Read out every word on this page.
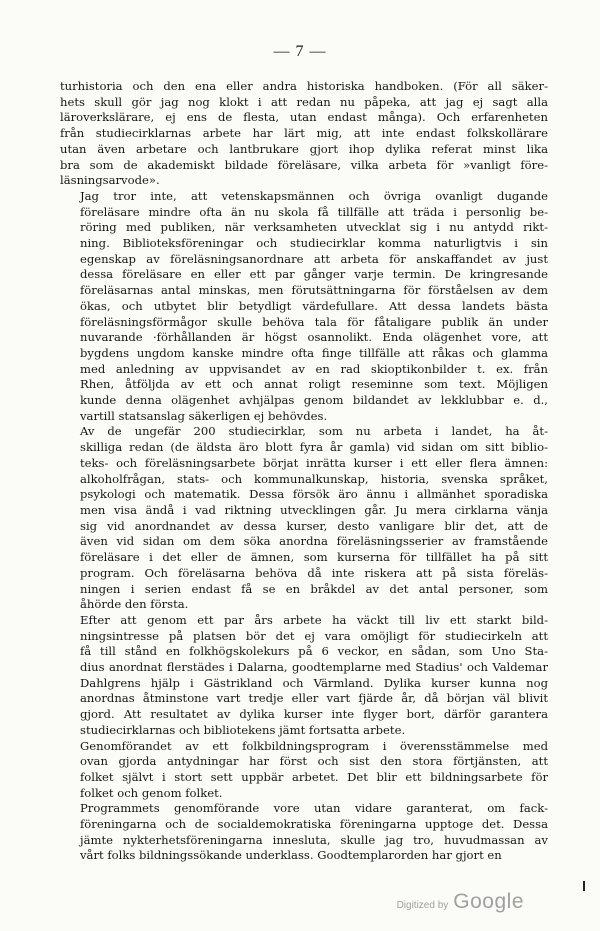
— 7 —

turhistoria och den ena eller andra historiska handboken. (För all säker-
hets skull gör jag nog klokt i att redan nu påpeka, att jag ej sagt alla
läroverkslärare, ej ens de flesta, utan endast många). Och erfarenheten
från studiecirklarnas arbete har lärt mig, att inte endast folkskollärare
utan även arbetare och lantbrukare gjort ihop dylika referat minst lika
bra som de akademiskt bildade föreläsare, vilka arbeta för »vanligt före-
läsningsarvode».

Jag tror inte, att vetenskapsmännen och övriga ovanligt dugande
föreläsare mindre ofta än nu skola få tillfälle att träda i personlig be-
röring med publiken, när verksamheten utvecklat sig i nu antydd rikt-
ning. Biblioteksföreningar och studiecirklar komma naturligtvis i sin
egenskap av föreläsningsanordnare att arbeta för anskaffandet av just
dessa föreläsare en eller ett par gånger varje termin. De kringresande
föreläsarnas antal minskas, men förutsättningarna för förståelsen av dem
ökas, och utbytet blir betydligt värdefullare. Att dessa landets bästa
föreläsningsförmågor skulle behöva tala för fåtaligare publik än under
nuvarande ·förhållanden är högst osannolikt. Enda olägenhet vore, att
bygdens ungdom kanske mindre ofta finge tillfälle att råkas och glamma
med anledning av uppvisandet av en rad skioptikonbilder t. ex. från
Rhen, åtföljda av ett och annat roligt reseminne som text. Möjligen
kunde denna olägenhet avhjälpas genom bildandet av lekklubbar e. d.,
vartill statsanslag säkerligen ej behövdes.

Av de ungefär 200 studiecirklar, som nu arbeta i landet, ha åt-
skilliga redan (de äldsta äro blott fyra år gamla) vid sidan om sitt biblio-
teks- och föreläsningsarbete börjat inrätta kurser i ett eller flera ämnen:
alkoholfrågan, stats- och kommunalkunskap, historia, svenska språket,
psykologi och matematik. Dessa försök äro ännu i allmänhet sporadiska
men visa ändå i vad riktning utvecklingen går. Ju mera cirklarna vänja
sig vid anordnandet av dessa kurser, desto vanligare blir det, att de
även vid sidan om dem söka anordna föreläsningsserier av framstående
föreläsare i det eller de ämnen, som kurserna för tillfället ha på sitt
program. Och föreläsarna behöva då inte riskera att på sista föreläs-
ningen i serien endast få se en bråkdel av det antal personer, som
åhörde den första.

Efter att genom ett par års arbete ha väckt till liv ett starkt bild-
ningsintresse på platsen bör det ej vara omöjligt för studiecirkeln att
få till stånd en folkhögskolekurs på 6 veckor, en sådan, som Uno Sta-
dius anordnat flerstädes i Dalarna, goodtemplarne med Stadius' och Valdemar
Dahlgrens hjälp i Gästrikland och Värmland. Dylika kurser kunna nog
anordnas åtminstone vart tredje eller vart fjärde år, då början väl blivit
gjord. Att resultatet av dylika kurser inte flyger bort, därför garantera
studiecirklarnas och bibliotekens jämt fortsatta arbete.

Genomförandet av ett folkbildningsprogram i överensstämmelse med
ovan gjorda antydningar har först och sist den stora förtjänsten, att
folket självt i stort sett uppbär arbetet. Det blir ett bildningsarbete för
folket och genom folket.

Programmets genomförande vore utan vidare garanterat, om fack-
föreningarna och de socialdemokratiska föreningarna upptoge det. Dessa
jämte nykterhetsföreningarna innesluta, skulle jag tro, huvudmassan av
vårt folks bildningssökande underklass. Goodtemplarorden har gjort en

Digitized by Google
